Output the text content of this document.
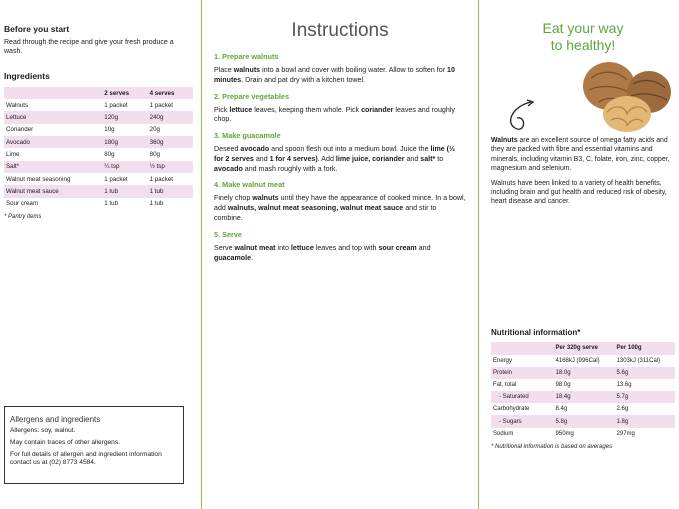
Before you start

Read through the recipe and give your fresh produce a wash.

Ingredients
	2 serves	4 serves
Walnuts	1 packet	1 packet
Lettuce	120g	240g
Coriander	10g	20g
Avocado	180g	360g
Lime	80g	80g
Salt*	¼ tsp	½ tsp
Walnut meat seasoning	1 packet	1 packet
Walnut meat sauce	1 tub	1 tub
Sour cream	1 tub	1 tub
* Pantry items
Allergens and ingredients

Allergens: soy, walnut.

May contain traces of other allergens.

For full details of allergen and ingredient information contact us at (02) 8773 4584.

Instructions
1. Prepare walnuts

Place walnuts into a bowl and cover with boiling water. Allow to soften for 10 minutes. Drain and pat dry with a kitchen towel.

2. Prepare vegetables

Pick lettuce leaves, keeping them whole. Pick coriander leaves and roughly chop.

3. Make guacamole

Deseed avocado and spoon flesh out into a medium bowl. Juice the lime (½ for 2 serves and 1 for 4 serves). Add lime juice, coriander and salt* to avocado and mash roughly with a fork.

4. Make walnut meat

Finely chop walnuts until they have the appearance of cooked mince. In a bowl, add walnuts, walnut meat seasoning, walnut meat sauce and stir to combine.

5. Serve

Serve walnut meat into lettuce leaves and top with sour cream and guacamole.

Eat your way
to healthy!

Walnuts are an excellent source of omega fatty acids and they are packed with fibre and essential vitamins and minerals, including vitamin B3, C, folate, iron, zinc, copper, magnesium and selenium.

Walnuts have been linked to a variety of health benefits, including brain and gut health and reduced risk of obesity, heart disease and cancer.

Nutritional information*
	Per 320g serve	Per 100g
Energy	4168kJ (996Cal)	1303kJ (311Cal)
Protein	18.0g	5.6g
Fat, total	98.0g	13.6g
- Saturated	18.4g	5.7g
Carbohydrate	8.4g	2.6g
- Sugars	5.8g	1.8g
Sodium	950mg	297mg
* Nutritional information is based on averages
